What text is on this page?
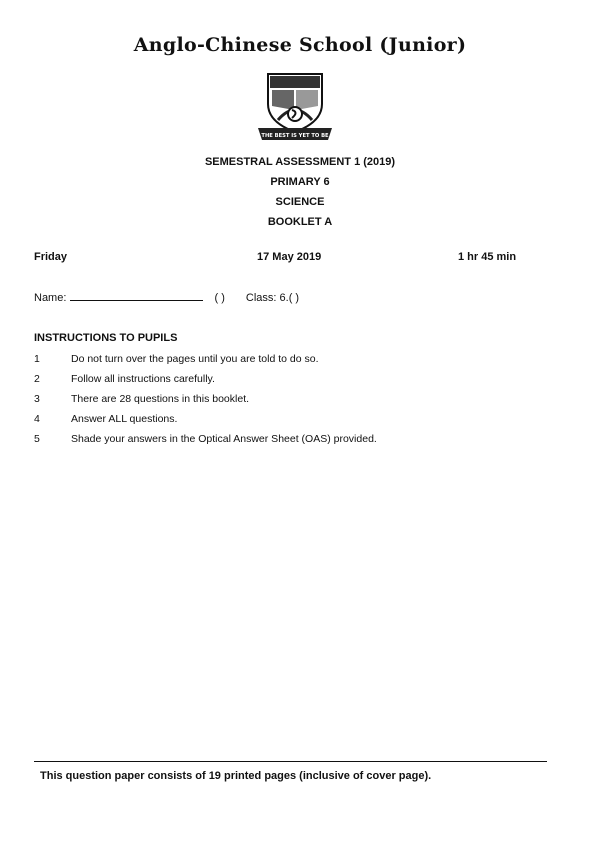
Anglo-Chinese School (Junior)
THE BEST IS YET TO BE
SEMESTRAL ASSESSMENT 1 (2019)
PRIMARY 6
SCIENCE
BOOKLET A
Friday	17 May 2019	1 hr 45 min
Name:	( ) Class: 6.( )
INSTRUCTIONS TO PUPILS
1	Do not turn over the pages until you are told to do so.
2	Follow all instructions carefully.
3	There are 28 questions in this booklet.
4	Answer ALL questions.
5	Shade your answers in the Optical Answer Sheet (OAS) provided.
This question paper consists of 19 printed pages (inclusive of cover page).
